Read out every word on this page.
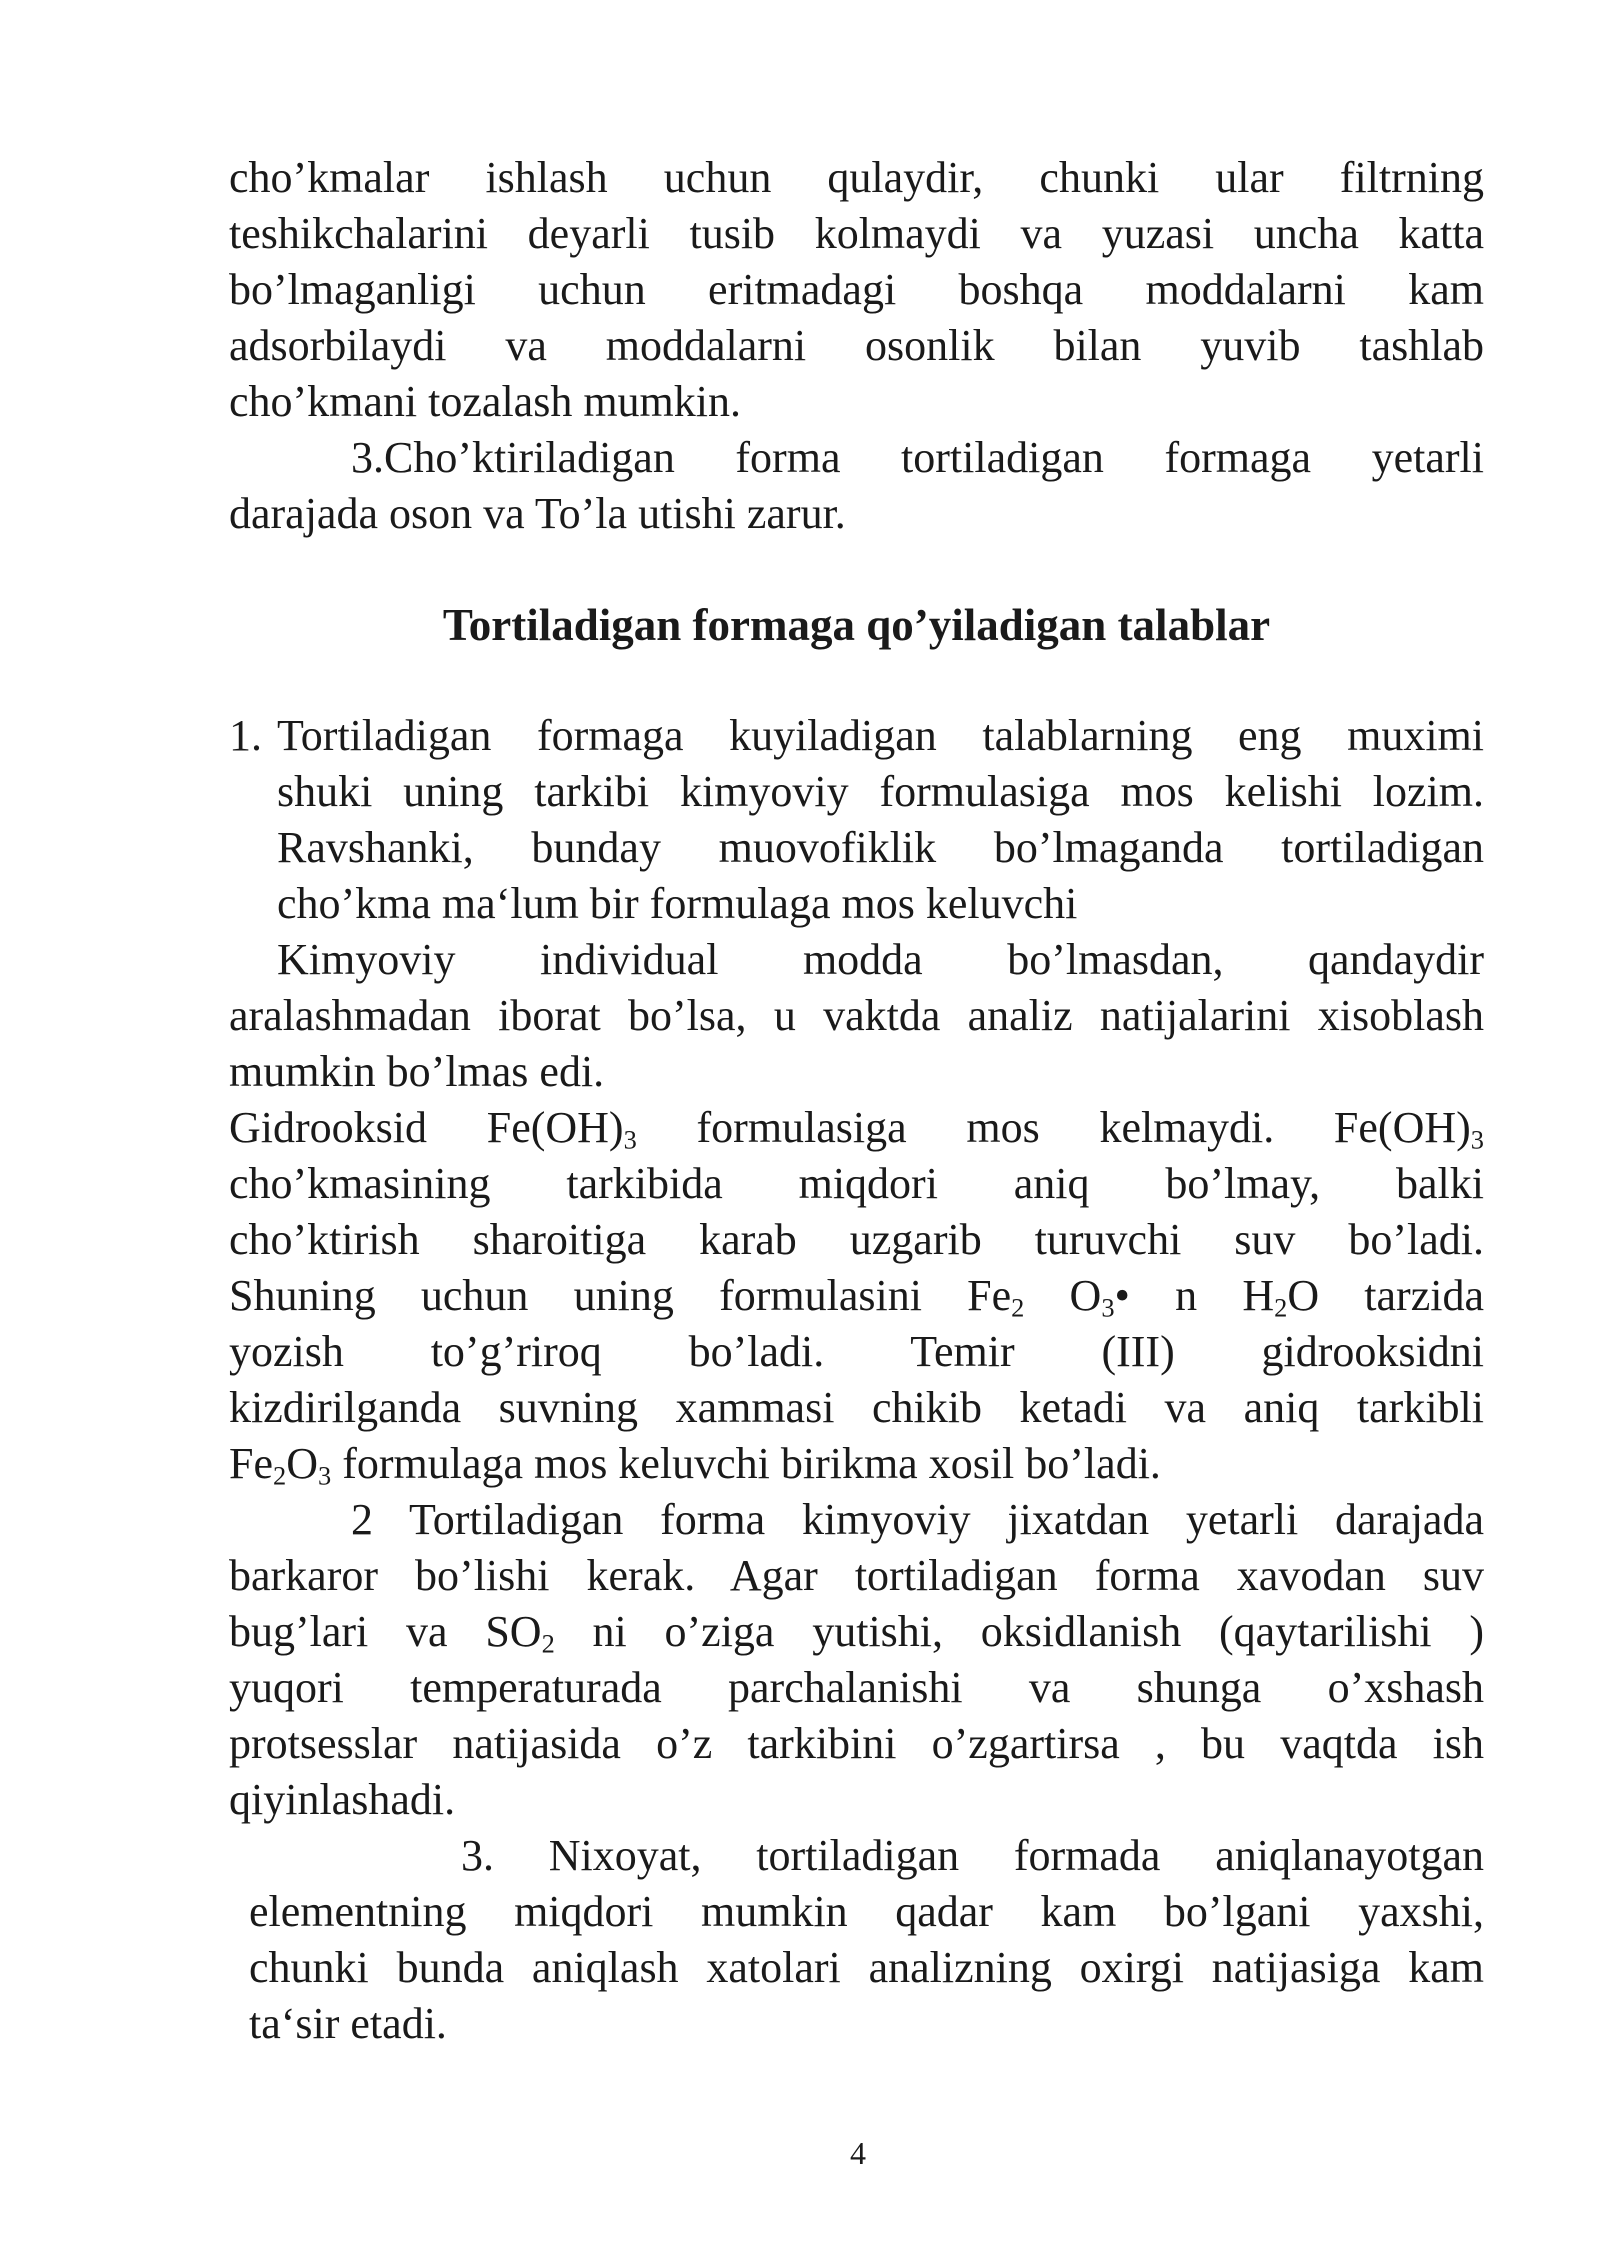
cho’kmalar ishlash uchun qulaydir, chunki ular filtrning
teshikchalarini deyarli tusib kolmaydi va yuzasi uncha katta
bo’lmaganligi uchun eritmadagi boshqa moddalarni kam
adsorbilaydi va moddalarni osonlik bilan yuvib tashlab
cho’kmani tozalash mumkin.
3.Cho’ktiriladigan forma tortiladigan formaga yetarli
darajada oson va To’la utishi zarur.
Tortiladigan formaga qo’yiladigan talablar
1. Tortiladigan formaga kuyiladigan talablarning eng muximi
shuki uning tarkibi kimyoviy formulasiga mos kelishi lozim.
Ravshanki, bunday muovofiklik bo’lmaganda tortiladigan
cho’kma ma‘lum bir formulaga mos keluvchi
Kimyoviy individual modda bo’lmasdan, qandaydir
aralashmadan iborat bo’lsa, u vaktda analiz natijalarini xisoblash
mumkin bo’lmas edi.
Gidrooksid $Fe(OH)_3$ formulasiga mos kelmaydi. $Fe(OH)_3$
cho’kmasining tarkibida miqdori aniq bo’lmay, balki
cho’ktirish sharoitiga karab uzgarib turuvchi suv bo’ladi.
Shuning uchun uning formulasini $Fe_2$ $O_3•$ n $H_2O$ tarzida
yozish to’g’riroq bo’ladi. Temir (III) gidrooksidni
kizdirilganda suvning xammasi chikib ketadi va aniq tarkibli
$Fe_2O_3$ formulaga mos keluvchi birikma xosil bo’ladi.
2 Tortiladigan forma kimyoviy jixatdan yetarli darajada
barkaror bo’lishi kerak. Agar tortiladigan forma xavodan suv
bug’lari va $SO_2$ ni o’ziga yutishi, oksidlanish (qaytarilishi )
yuqori temperaturada parchalanishi va shunga o’xshash
protsesslar natijasida o’z tarkibini o’zgartirsa , bu vaqtda ish
qiyinlashadi.
3. Nixoyat, tortiladigan formada aniqlanayotgan
elementning miqdori mumkin qadar kam bo’lgani yaxshi,
chunki bunda aniqlash xatolari analizning oxirgi natijasiga kam
ta‘sir etadi.
4
